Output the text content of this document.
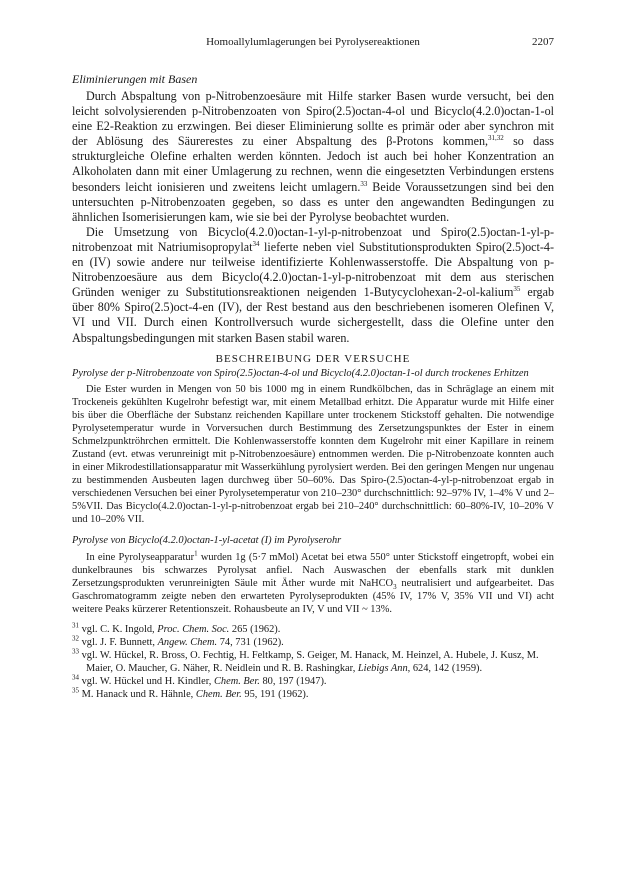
Homoallylumlagerungen bei Pyrolysereaktionen	2207
Eliminierungen mit Basen

Durch Abspaltung von p-Nitrobenzoesäure mit Hilfe starker Basen wurde versucht, bei den leicht solvolysierenden p-Nitrobenzoaten von Spiro(2.5)octan-4-ol und Bicyclo(4.2.0)octan-1-ol eine E2-Reaktion zu erzwingen. Bei dieser Eliminierung sollte es primär oder aber synchron mit der Ablösung des Säurerestes zu einer Abspaltung des β-Protons kommen,$^{31,32}$ so dass strukturgleiche Olefine erhalten werden könnten. Jedoch ist auch bei hoher Konzentration an Alkoholaten dann mit einer Umlagerung zu rechnen, wenn die eingesetzten Verbindungen erstens besonders leicht ionisieren und zweitens leicht umlagern.$^{33}$ Beide Voraussetzungen sind bei den untersuchten p-Nitrobenzoaten gegeben, so dass es unter den angewandten Bedingungen zu ähnlichen Isomerisierungen kam, wie sie bei der Pyrolyse beobachtet wurden.

Die Umsetzung von Bicyclo(4.2.0)octan-1-yl-p-nitrobenzoat und Spiro(2.5)octan-1-yl-p-nitrobenzoat mit Natriumisopropylat$^{34}$ lieferte neben viel Substitutionsprodukten Spiro(2.5)oct-4-en (IV) sowie andere nur teilweise identifizierte Kohlenwasserstoffe. Die Abspaltung von p-Nitrobenzoesäure aus dem Bicyclo(4.2.0)octan-1-yl-p-nitrobenzoat mit dem aus sterischen Gründen weniger zu Substitutionsreaktionen neigenden 1-Butycyclohexan-2-ol-kalium$^{35}$ ergab über 80% Spiro(2.5)oct-4-en (IV), der Rest bestand aus den beschriebenen isomeren Olefinen V, VI und VII. Durch einen Kontrollversuch wurde sichergestellt, dass die Olefine unter den Abspaltungsbedingungen mit starken Basen stabil waren.

BESCHREIBUNG DER VERSUCHE
Pyrolyse der p-Nitrobenzoate von Spiro(2.5)octan-4-ol und Bicyclo(4.2.0)octan-1-ol durch trockenes Erhitzen

Die Ester wurden in Mengen von 50 bis 1000 mg in einem Rundkölbchen, das in Schräglage an einem mit Trockeneis gekühlten Kugelrohr befestigt war, mit einem Metallbad erhitzt. Die Apparatur wurde mit Hilfe einer bis über die Oberfläche der Substanz reichenden Kapillare unter trockenem Stickstoff gehalten. Die notwendige Pyrolysetemperatur wurde in Vorversuchen durch Bestimmung des Zersetzungspunktes der Ester in einem Schmelzpunktröhrchen ermittelt. Die Kohlenwasserstoffe konnten dem Kugelrohr mit einer Kapillare in reinem Zustand (evt. etwas verunreinigt mit p-Nitrobenzoesäure) entnommen werden. Die p-Nitrobenzoate konnten auch in einer Mikrodestillationsapparatur mit Wasserkühlung pyrolysiert werden. Bei den geringen Mengen nur ungenau zu bestimmenden Ausbeuten lagen durchweg über 50–60%. Das Spiro-(2.5)octan-4-yl-p-nitrobenzoat ergab in verschiedenen Versuchen bei einer Pyrolysetemperatur von 210–230° durchschnittlich: 92–97% IV, 1–4% V und 2–5%VII. Das Bicyclo(4.2.0)octan-1-yl-p-nitrobenzoat ergab bei 210–240° durchschnittlich: 60–80%-IV, 10–20% V und 10–20% VII.

Pyrolyse von Bicyclo(4.2.0)octan-1-yl-acetat (I) im Pyrolyserohr

In eine Pyrolyseapparatur$^1$ wurden 1g (5·7 mMol) Acetat bei etwa 550° unter Stickstoff eingetropft, wobei ein dunkelbraunes bis schwarzes Pyrolysat anfiel. Nach Auswaschen der ebenfalls stark mit dunklen Zersetzungsprodukten verunreinigten Säule mit Äther wurde mit NaHCO$_3$ neutralisiert und aufgearbeitet. Das Gaschromatogramm zeigte neben den erwarteten Pyrolyseprodukten (45% IV, 17% V, 35% VII und VI) acht weitere Peaks kürzerer Retentionszeit. Rohausbeute an IV, V und VII ~ 13%.

$^{31}$ vgl. C. K. Ingold, Proc. Chem. Soc. 265 (1962).
$^{32}$ vgl. J. F. Bunnett, Angew. Chem. 74, 731 (1962).
$^{33}$ vgl. W. Hückel, R. Bross, O. Fechtig, H. Feltkamp, S. Geiger, M. Hanack, M. Heinzel, A. Hubele, J. Kusz, M. Maier, O. Maucher, G. Näher, R. Neidlein und R. B. Rashingkar, Liebigs Ann, 624, 142 (1959).
$^{34}$ vgl. W. Hückel und H. Kindler, Chem. Ber. 80, 197 (1947).
$^{35}$ M. Hanack und R. Hähnle, Chem. Ber. 95, 191 (1962).
